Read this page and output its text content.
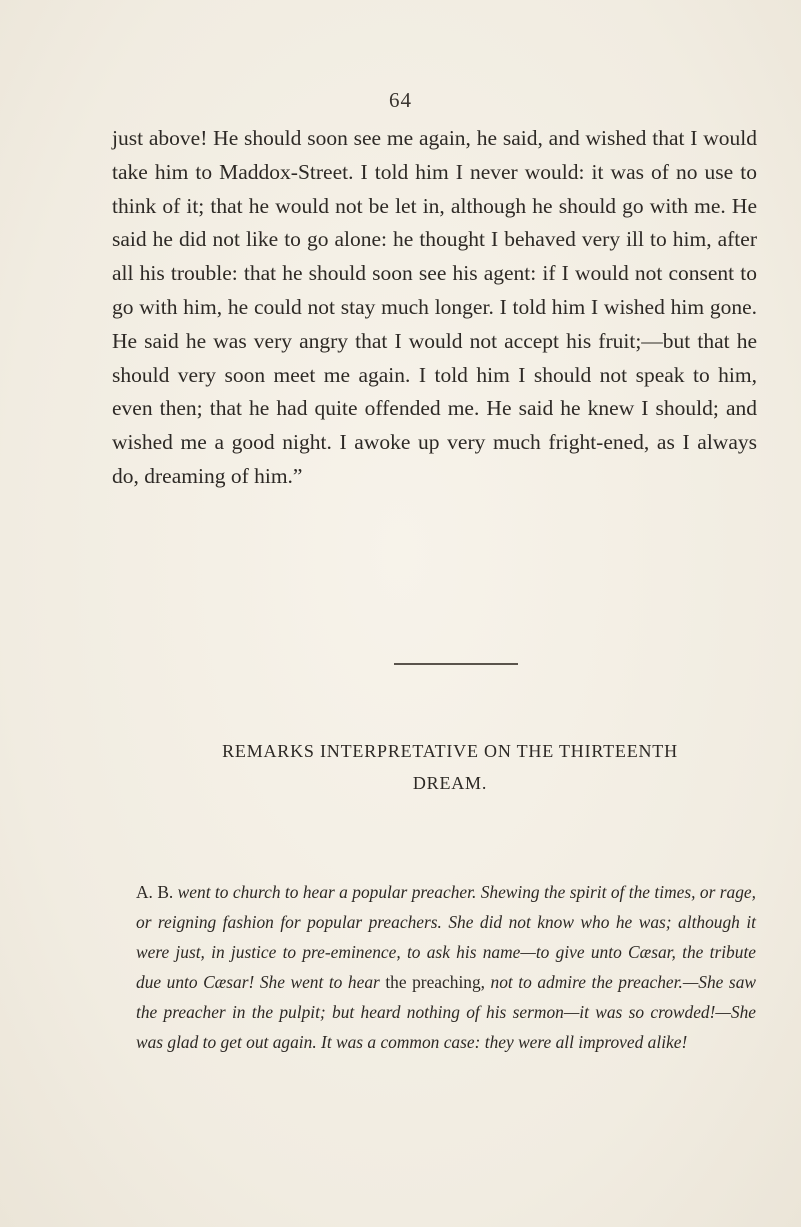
64

just above! He should soon see me again, he said, and wished that I would take him to Maddox-Street. I told him I never would: it was of no use to think of it; that he would not be let in, although he should go with me. He said he did not like to go alone: he thought I behaved very ill to him, after all his trouble: that he should soon see his agent: if I would not consent to go with him, he could not stay much longer. I told him I wished him gone. He said he was very angry that I would not accept his fruit;—but that he should very soon meet me again. I told him I should not speak to him, even then; that he had quite offended me. He said he knew I should; and wished me a good night. I awoke up very much fright-ened, as I always do, dreaming of him.”

REMARKS INTERPRETATIVE ON THE THIRTEENTH
DREAM.

A. B. went to church to hear a popular preacher. Shewing the spirit of the times, or rage, or reigning fashion for popular preachers. She did not know who he was; although it were just, in justice to pre-eminence, to ask his name—to give unto Cæsar, the tribute due unto Cæsar! She went to hear the preaching, not to admire the preacher.—She saw the preacher in the pulpit; but heard nothing of his sermon—it was so crowded!—She was glad to get out again. It was a common case: they were all improved alike!
